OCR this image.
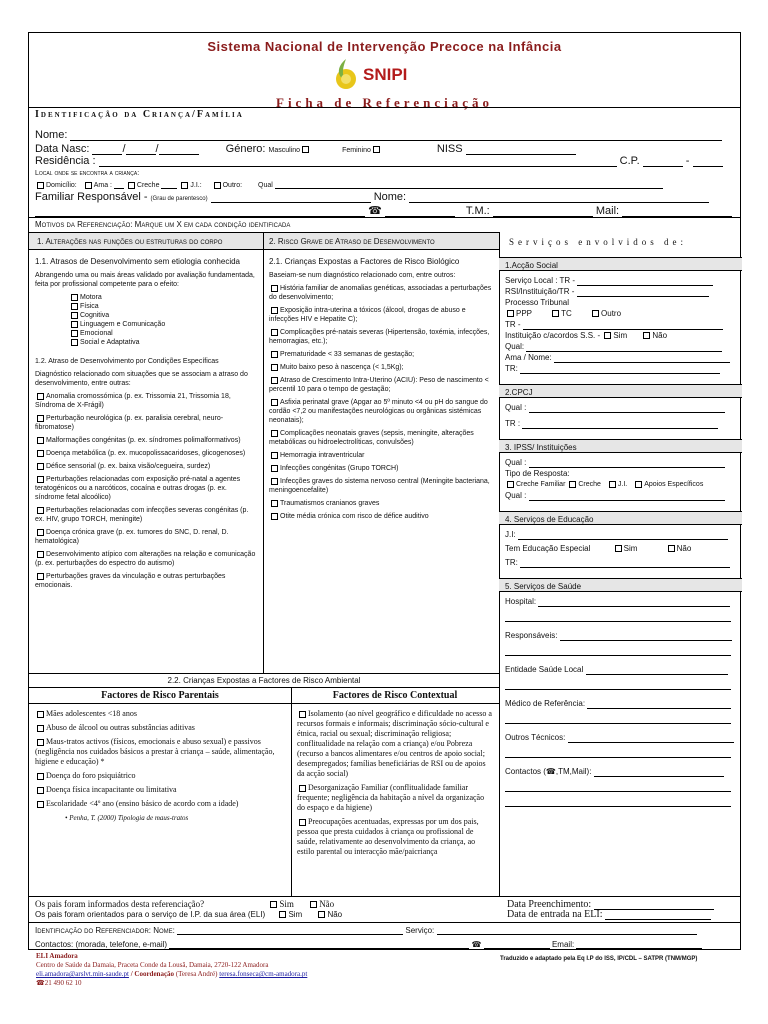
Sistema Nacional de Intervenção Precoce na Infância
SNIPI
Ficha de Referenciação
Identificação da Criança/Família
Nome:
Data Nasc:	/	/	Género: Masculino	Feminino	NISS
Residência :	C.P.	-
Local onde se encontra a criança:
Domicílio: Ama :	Creche	J.I.:	Outro: Qual
Familiar Responsável - (Grau de parentesco)	Nome:
☎	T.M.:	Mail:
Motivos da Referenciação: Marque um X em cada condição identificada
1. Alterações nas funções ou estruturas do corpo	2. Risco Grave de Atraso de Desenvolvimento	Serviços envolvidos de:

1.1. Atrasos de Desenvolvimento sem etiologia conhecida

Abrangendo uma ou mais áreas validado por avaliação fundamentada, feita por profissional competente para o efeito:

Motora
Física
Cognitiva
Linguagem e Comunicação
Emocional
Social e Adaptativa

1.2. Atraso de Desenvolvimento por Condições Específicas

Diagnóstico relacionado com situações que se associam a atraso do desenvolvimento, entre outras:

Anomalia cromossómica (p. ex. Trissomia 21, Trissomia 18, Síndroma de X-Frágil)

Perturbação neurológica (p. ex. paralisia cerebral, neuro-fibromatose)

Malformações congénitas (p. ex. síndromes polimalformativos)

Doença metabólica (p. ex. mucopolissacaridoses, glicogenoses)

Défice sensorial (p. ex. baixa visão/cegueira, surdez)

Perturbações relacionadas com exposição pré-natal a agentes teratogénicos ou a narcóticos, cocaína e outras drogas (p. ex. síndrome fetal alcoólico)

Perturbações relacionadas com infecções severas congénitas (p. ex. HIV, grupo TORCH, meningite)

Doença crónica grave (p. ex. tumores do SNC, D. renal, D. hematológica)

Desenvolvimento atípico com alterações na relação e comunicação (p. ex. perturbações do espectro do autismo)

Perturbações graves da vinculação e outras perturbações emocionais.

2.1. Crianças Expostas a Factores de Risco Biológico

Baseiam-se num diagnóstico relacionado com, entre outros:

História familiar de anomalias genéticas, associadas a perturbações do desenvolvimento;

Exposição intra-uterina a tóxicos (álcool, drogas de abuso e infecções HIV e Hepatite C);

Complicações pré-natais severas (Hipertensão, toxémia, infecções, hemorragias, etc.);

Prematuridade < 33 semanas de gestação;

Muito baixo peso à nascença (< 1,5Kg);

Atraso de Crescimento Intra-Uterino (ACIU): Peso de nascimento < percentil 10 para o tempo de gestação;

Asfixia perinatal grave (Apgar ao 5º minuto <4 ou pH do sangue do cordão <7,2 ou manifestações neurológicas ou orgânicas sistémicas neonatais);

Complicações neonatais graves (sepsis, meningite, alterações metabólicas ou hidroelectrolíticas, convulsões)

Hemorragia intraventricular

Infecções congénitas (Grupo TORCH)

Infecções graves do sistema nervoso central (Meningite bacteriana, meningoencefalite)

Traumatismos cranianos graves

Otite média crónica com risco de défice auditivo

2.2. Crianças Expostas a Factores de Risco Ambiental
Factores de Risco Parentais	Factores de Risco Contextual

Mães adolescentes <18 anos

Abuso de álcool ou outras substâncias aditivas

Maus-tratos activos (físicos, emocionais e abuso sexual) e passivos (negligência nos cuidados básicos a prestar à criança – saúde, alimentação, higiene e educação) *

Doença do foro psiquiátrico

Doença física incapacitante ou limitativa

Escolaridade <4º ano (ensino básico de acordo com a idade)

• Penha, T. (2000) Tipologia de maus-tratos

Isolamento (ao nível geográfico e dificuldade no acesso a recursos formais e informais; discriminação sócio-cultural e étnica, racial ou sexual; discriminação religiosa; conflitualidade na relação com a criança) e/ou Pobreza (recurso a bancos alimentares e/ou centros de apoio social; desempregados; famílias beneficiárias de RSI ou de apoios da acção social)

Desorganização Familiar (conflitualidade familiar frequente; negligência da habitação a nível da organização do espaço e da higiene)

Preocupações acentuadas, expressas por um dos pais, pessoa que presta cuidados à criança ou profissional de saúde, relativamente ao desenvolvimento da criança, ao estilo parental ou interacção mãe/paicriança

1.Acção Social
Serviço Local : TR -
RSI/Instituição/TR -
Processo Tribunal
PPP	TC	Outro
TR -
Instituição c/acordos S.S. - Sim	Não
Qual:
Ama / Nome:
TR:
2.CPCJ
Qual :
TR :
3. IPSS/ Instituições
Qual :
Tipo de Resposta:
Creche Familiar Creche J.I. Apoios Específicos
Qual :
4. Serviços de Educação
J.I:
Tem Educação Especial	Sim	Não
TR:
5. Serviços de Saúde
Hospital:
Responsáveis:
Entidade Saúde Local
Médico de Referência:
Outros Técnicos:
Contactos (☎,TM,Mail):
Os pais foram informados desta referenciação?	Sim	Não
Os pais foram orientados para o serviço de I.P. da sua área (ELI)	Sim	Não
Data Preenchimento:
Data de entrada na ELI:
Identificação do Referenciador: Nome:	Serviço:
Contactos: (morada, telefone, e-mail)	☎	Email:
ELI Amadora
Centro de Saúde da Damaia, Praceta Conde da Lousã, Damaia, 2720-122 Amadora
eli.amadora@arslvt.min-saude.pt / Coordenação (Teresa André) teresa.fonseca@cm-amadora.pt
☎21 490 62 10
Traduzido e adaptado pela Eq I.P do ISS, IP/CDL – SATPR (TNM/MGP)
